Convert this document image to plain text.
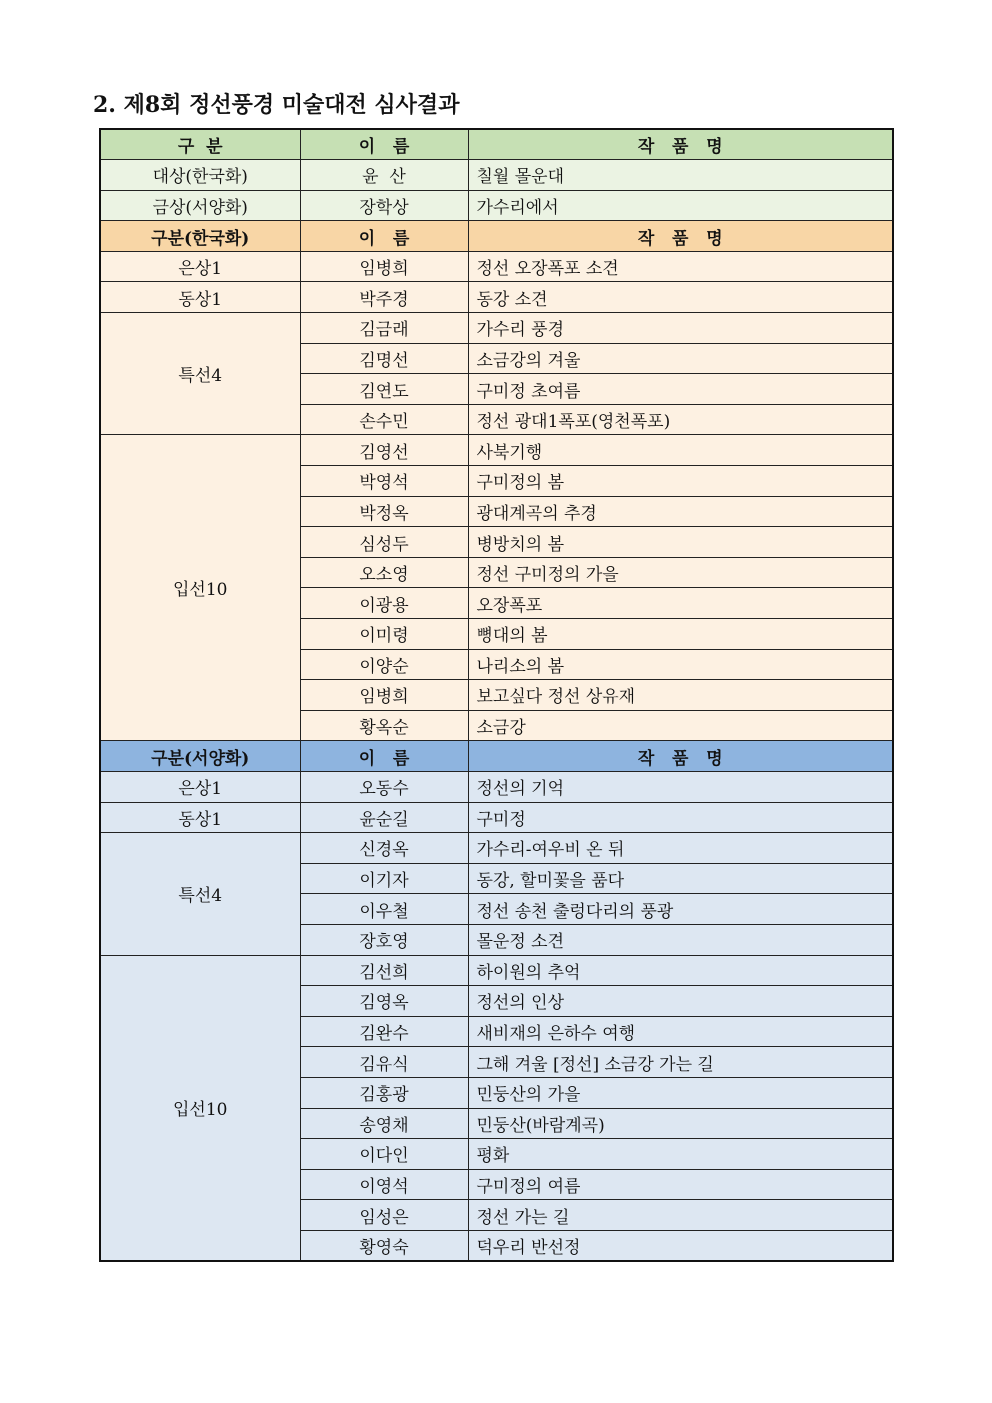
2. 제8회 정선풍경 미술대전 심사결과
구  분	이   름	작   품   명
대상(한국화)	윤  산	칠월 몰운대
금상(서양화)	장학상	가수리에서
구분(한국화)	이   름	작   품   명
은상1	임병희	정선 오장폭포 소견
동상1	박주경	동강 소견
특선4	김금래	가수리 풍경
	김명선	소금강의 겨울
	김연도	구미정 초여름
	손수민	정선 광대1폭포(영천폭포)
입선10	김영선	사북기행
	박영석	구미정의 봄
	박정옥	광대계곡의 추경
	심성두	병방치의 봄
	오소영	정선 구미정의 가을
	이광용	오장폭포
	이미령	뼝대의 봄
	이양순	나리소의 봄
	임병희	보고싶다 정선 상유재
	황옥순	소금강
구분(서양화)	이   름	작   품   명
은상1	오동수	정선의 기억
동상1	윤순길	구미정
특선4	신경옥	가수리-여우비 온 뒤
	이기자	동강, 할미꽃을 품다
	이우철	정선 송천 출렁다리의 풍광
	장호영	몰운정 소견
입선10	김선희	하이원의 추억
	김영옥	정선의 인상
	김완수	새비재의 은하수 여행
	김유식	그해 겨울 [정선] 소금강 가는 길
	김홍광	민둥산의 가을
	송영채	민둥산(바람계곡)
	이다인	평화
	이영석	구미정의 여름
	임성은	정선 가는 길
	황영숙	덕우리 반선정
